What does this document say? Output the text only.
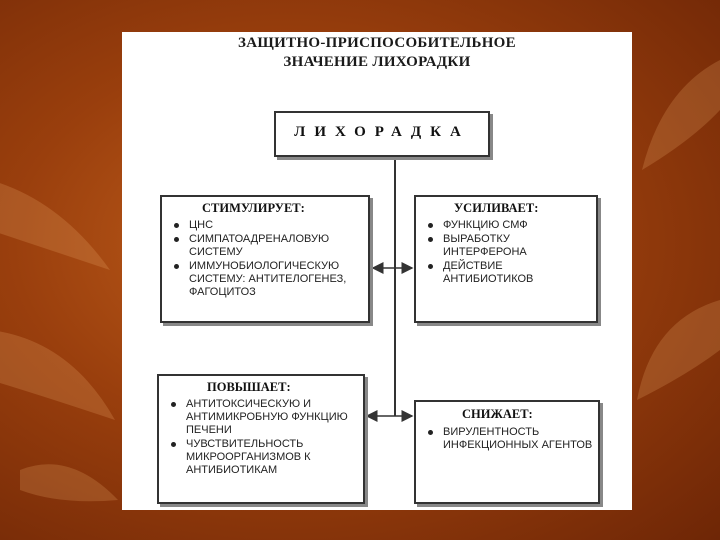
ЗАЩИТНО-ПРИСПОСОБИТЕЛЬНОЕ
ЗНАЧЕНИЕ ЛИХОРАДКИ
ЛИХОРАДКА
СТИМУЛИРУЕТ:
ЦНС
СИМПАТОАДРЕНАЛОВУЮ СИСТЕМУ
ИММУНОБИОЛОГИЧЕСКУЮ СИСТЕМУ: АНТИТЕЛОГЕНЕЗ, ФАГОЦИТОЗ
УСИЛИВАЕТ:
ФУНКЦИЮ СМФ
ВЫРАБОТКУ ИНТЕРФЕРОНА
ДЕЙСТВИЕ АНТИБИОТИКОВ
ПОВЫШАЕТ:
АНТИТОКСИЧЕСКУЮ И АНТИМИКРОБНУЮ ФУНКЦИЮ ПЕЧЕНИ
ЧУВСТВИТЕЛЬНОСТЬ МИКРООРГАНИЗМОВ К АНТИБИОТИКАМ
СНИЖАЕТ:
ВИРУЛЕНТНОСТЬ ИНФЕКЦИОННЫХ АГЕНТОВ
